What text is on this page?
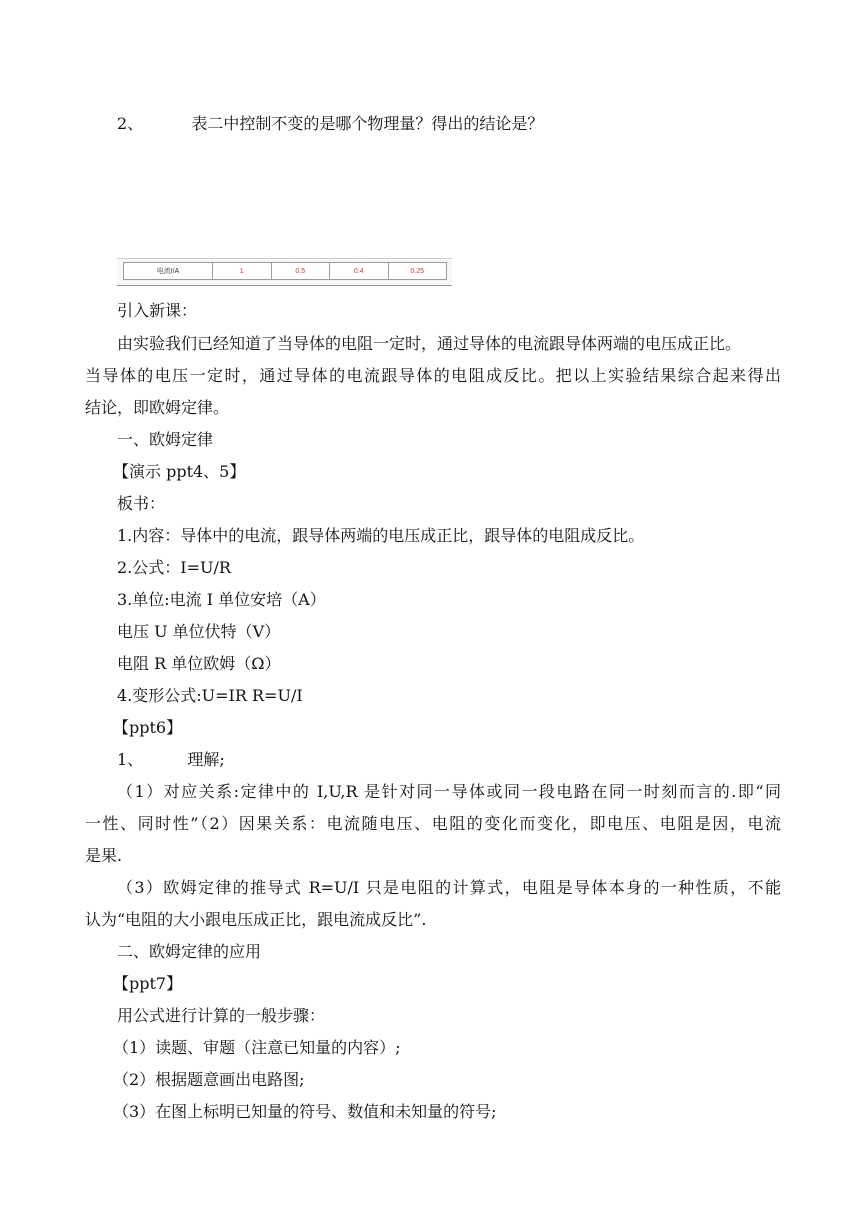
2、	表二中控制不变的是哪个物理量？得出的结论是？
电流I/A	1	0.5	0.4	0.25
引入新课：
由实验我们已经知道了当导体的电阻一定时，通过导体的电流跟导体两端的电压成正比。
当导体的电压一定时，通过导体的电流跟导体的电阻成反比。把以上实验结果综合起来得出
结论，即欧姆定律。
一、欧姆定律
【演示 ppt4、5】
板书：
1.内容：导体中的电流，跟导体两端的电压成正比，跟导体的电阻成反比。
2.公式：I=U/R
3.单位:电流 I 单位安培（A）
电压 U 单位伏特（V）
电阻 R 单位欧姆（Ω）
4.变形公式:U=IR R=U/I
【ppt6】
1、	理解;
（1）对应关系:定律中的 I,U,R 是针对同一导体或同一段电路在同一时刻而言的.即“同
一性、同时性”（2）因果关系：电流随电压、电阻的变化而变化，即电压、电阻是因，电流
是果.
（3）欧姆定律的推导式 R=U/I 只是电阻的计算式，电阻是导体本身的一种性质，不能
认为“电阻的大小跟电压成正比，跟电流成反比”.
二、欧姆定律的应用
【ppt7】
用公式进行计算的一般步骤：
（1）读题、审题（注意已知量的内容）;
（2）根据题意画出电路图;
（3）在图上标明已知量的符号、数值和未知量的符号;
